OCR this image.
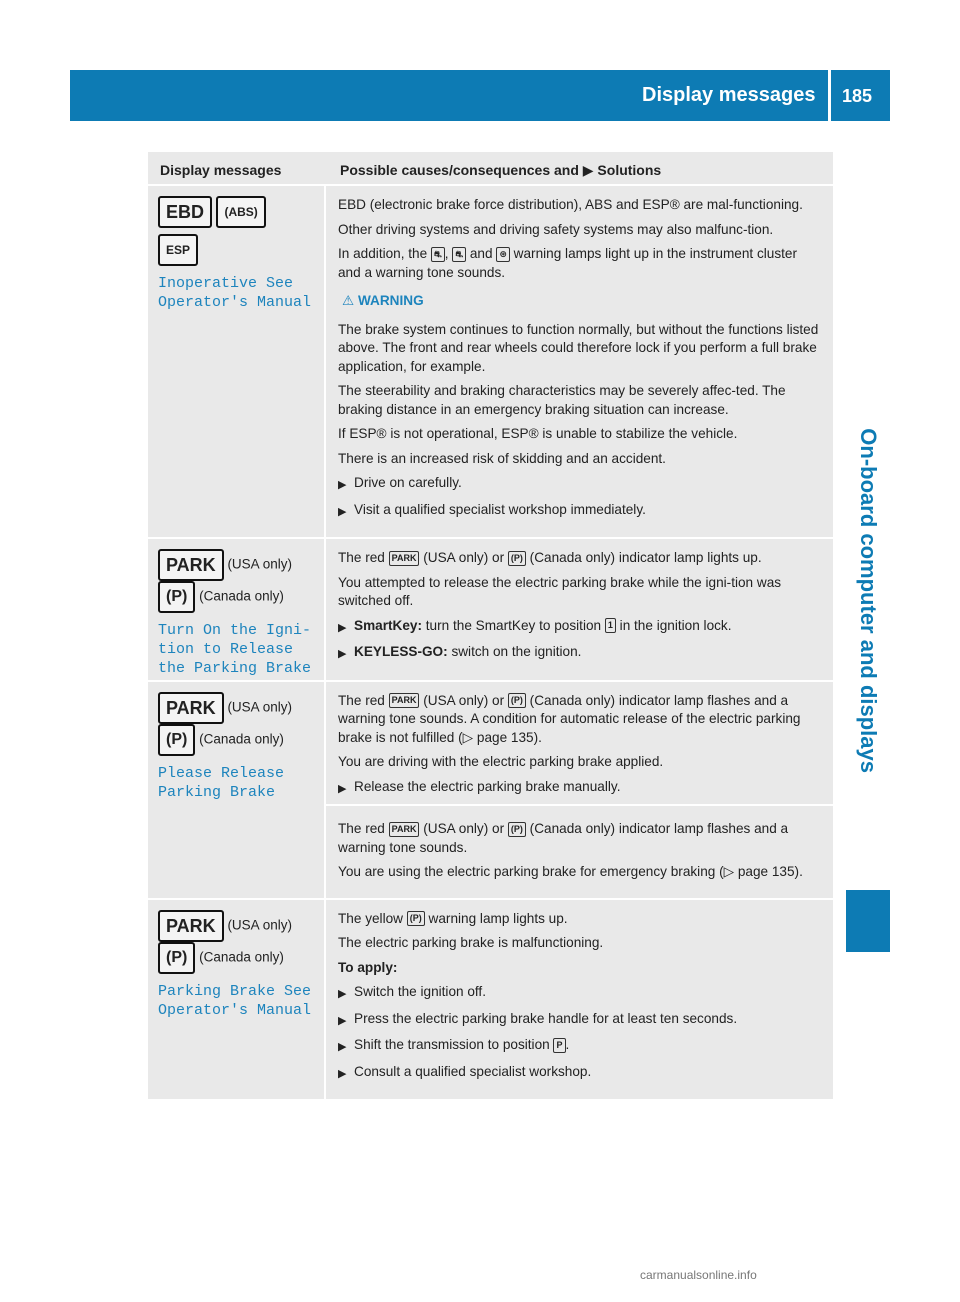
Display messages 185
On-board computer and displays
Display messages	Possible causes/consequences and ▶ Solutions
EBD (ABS)
ESP
Inoperative See
Operator's Manual

EBD (electronic brake force distribution), ABS and ESP® are mal-functioning.

Other driving systems and driving safety systems may also malfunc-tion.

In addition, the ⛐ , ⛐ and ⊛ warning lamps light up in the instrument cluster and a warning tone sounds.

⚠ WARNING

The brake system continues to function normally, but without the functions listed above. The front and rear wheels could therefore lock if you perform a full brake application, for example.

The steerability and braking characteristics may be severely affec-ted. The braking distance in an emergency braking situation can increase.

If ESP® is not operational, ESP® is unable to stabilize the vehicle.

There is an increased risk of skidding and an accident.

▶ Drive on carefully.
▶ Visit a qualified specialist workshop immediately.
PARK (USA only) (P) (Canada only)
Turn On the Igni-
tion to Release
the Parking Brake

The red PARK (USA only) or (P) (Canada only) indicator lamp lights up.

You attempted to release the electric parking brake while the igni-tion was switched off.

▶ SmartKey: turn the SmartKey to position 1 in the ignition lock.
▶ KEYLESS-GO: switch on the ignition.
PARK (USA only) (P) (Canada only)
Please Release
Parking Brake

The red PARK (USA only) or (P) (Canada only) indicator lamp flashes and a warning tone sounds. A condition for automatic release of the electric parking brake is not fulfilled (▷ page 135).

You are driving with the electric parking brake applied.

▶ Release the electric parking brake manually.

The red PARK (USA only) or (P) (Canada only) indicator lamp flashes and a warning tone sounds.

You are using the electric parking brake for emergency braking (▷ page 135).

PARK (USA only) (P) (Canada only)
Parking Brake See
Operator's Manual

The yellow (P) warning lamp lights up.

The electric parking brake is malfunctioning.

To apply:

▶ Switch the ignition off.
▶ Press the electric parking brake handle for at least ten seconds.
▶ Shift the transmission to position P .
▶ Consult a qualified specialist workshop.
carmanualsonline.info
